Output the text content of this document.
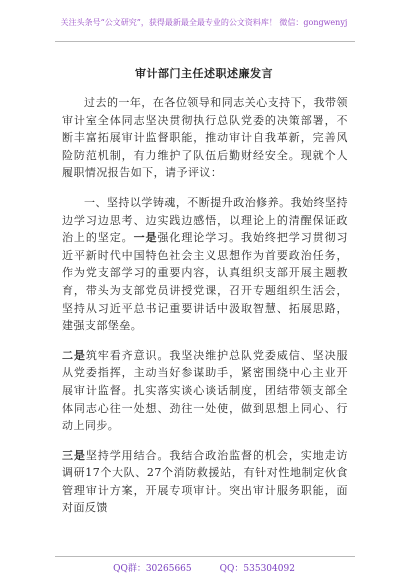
关注头条号“公文研究”，获得最新最全最专业的公文资料库！ 微信：gongwenyj
审计部门主任述职述廉发言

过去的一年，在各位领导和同志关心支持下，我带领审计室全体同志坚决贯彻执行总队党委的决策部署，不断丰富拓展审计监督职能，推动审计自我革新，完善风险防范机制，有力维护了队伍后勤财经安全。现就个人履职情况报告如下，请予评议：

一、坚持以学铸魂，不断提升政治修养。我始终坚持边学习边思考、边实践边感悟，以理论上的清醒保证政治上的坚定。一是强化理论学习。我始终把学习贯彻习近平新时代中国特色社会主义思想作为首要政治任务，作为党支部学习的重要内容，认真组织支部开展主题教育，带头为支部党员讲授党课，召开专题组织生活会，坚持从习近平总书记重要讲话中汲取智慧、拓展思路，建强支部堡垒。

二是筑牢看齐意识。我坚决维护总队党委威信、坚决服从党委指挥，主动当好参谋助手，紧密围绕中心主业开展审计监督。扎实落实谈心谈话制度，团结带领支部全体同志心往一处想、劲往一处使，做到思想上同心、行动上同步。

三是坚持学用结合。我结合政治监督的机会，实地走访调研17个大队、27个消防救援站，有针对性地制定伙食管理审计方案，开展专项审计。突出审计服务职能，面对面反馈

QQ群：30265665	QQ：535304092
